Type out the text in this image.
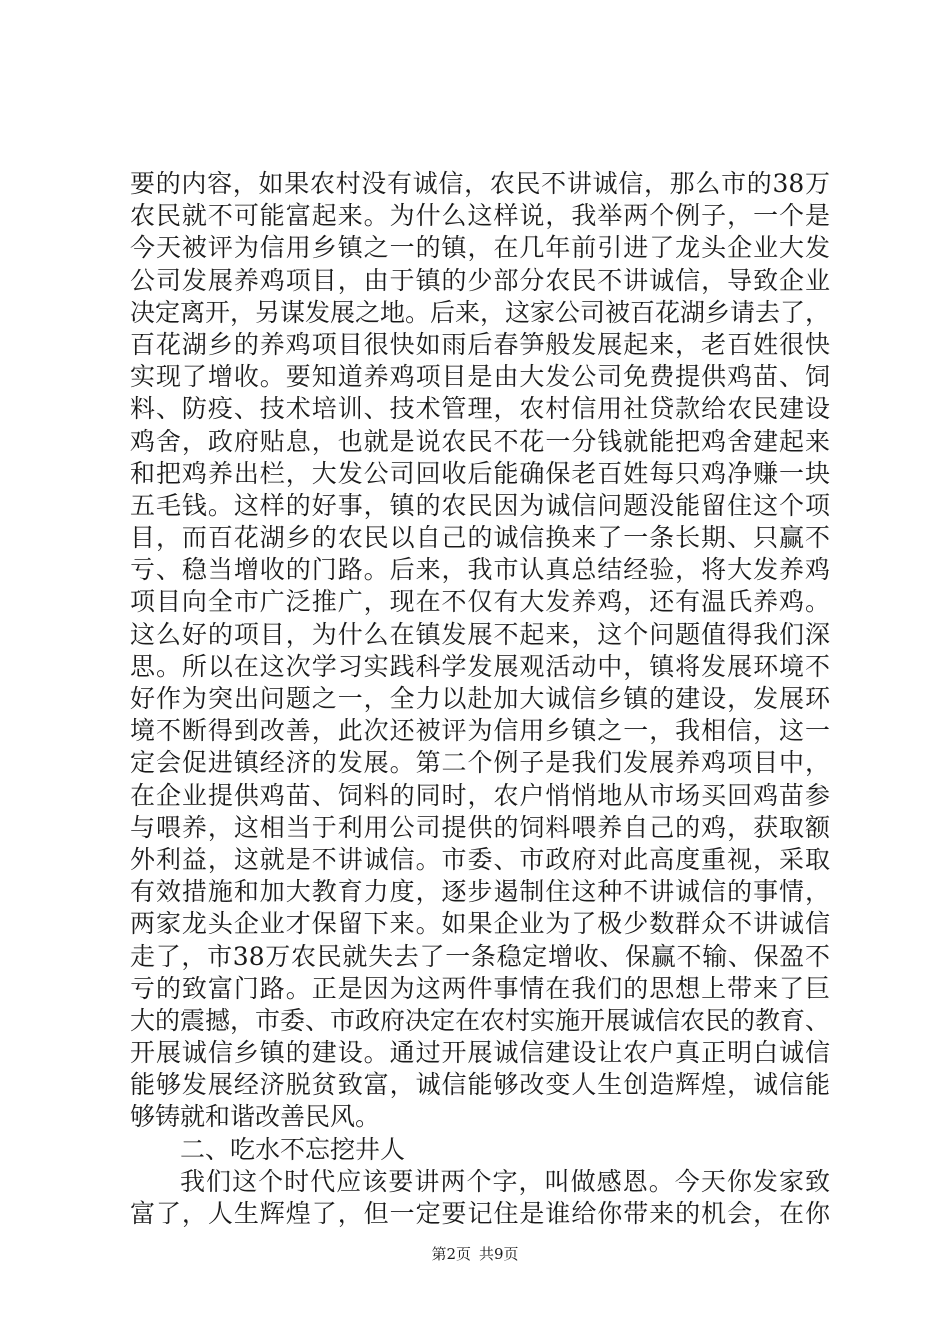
要的内容，如果农村没有诚信，农民不讲诚信，那么市的38万
农民就不可能富起来。为什么这样说，我举两个例子，一个是
今天被评为信用乡镇之一的镇，在几年前引进了龙头企业大发
公司发展养鸡项目，由于镇的少部分农民不讲诚信，导致企业
决定离开，另谋发展之地。后来，这家公司被百花湖乡请去了，
百花湖乡的养鸡项目很快如雨后春笋般发展起来，老百姓很快
实现了增收。要知道养鸡项目是由大发公司免费提供鸡苗、饲
料、防疫、技术培训、技术管理，农村信用社贷款给农民建设
鸡舍，政府贴息，也就是说农民不花一分钱就能把鸡舍建起来
和把鸡养出栏，大发公司回收后能确保老百姓每只鸡净赚一块
五毛钱。这样的好事，镇的农民因为诚信问题没能留住这个项
目，而百花湖乡的农民以自己的诚信换来了一条长期、只赢不
亏、稳当增收的门路。后来，我市认真总结经验，将大发养鸡
项目向全市广泛推广，现在不仅有大发养鸡，还有温氏养鸡。
这么好的项目，为什么在镇发展不起来，这个问题值得我们深
思。所以在这次学习实践科学发展观活动中，镇将发展环境不
好作为突出问题之一，全力以赴加大诚信乡镇的建设，发展环
境不断得到改善，此次还被评为信用乡镇之一，我相信，这一
定会促进镇经济的发展。第二个例子是我们发展养鸡项目中，
在企业提供鸡苗、饲料的同时，农户悄悄地从市场买回鸡苗参
与喂养，这相当于利用公司提供的饲料喂养自己的鸡，获取额
外利益，这就是不讲诚信。市委、市政府对此高度重视，采取
有效措施和加大教育力度，逐步遏制住这种不讲诚信的事情，
两家龙头企业才保留下来。如果企业为了极少数群众不讲诚信
走了，市38万农民就失去了一条稳定增收、保赢不输、保盈不
亏的致富门路。正是因为这两件事情在我们的思想上带来了巨
大的震撼，市委、市政府决定在农村实施开展诚信农民的教育、
开展诚信乡镇的建设。通过开展诚信建设让农户真正明白诚信
能够发展经济脱贫致富，诚信能够改变人生创造辉煌，诚信能
够铸就和谐改善民风。
二、吃水不忘挖井人
我们这个时代应该要讲两个字，叫做感恩。今天你发家致
富了，人生辉煌了，但一定要记住是谁给你带来的机会，在你
第2页 共9页
